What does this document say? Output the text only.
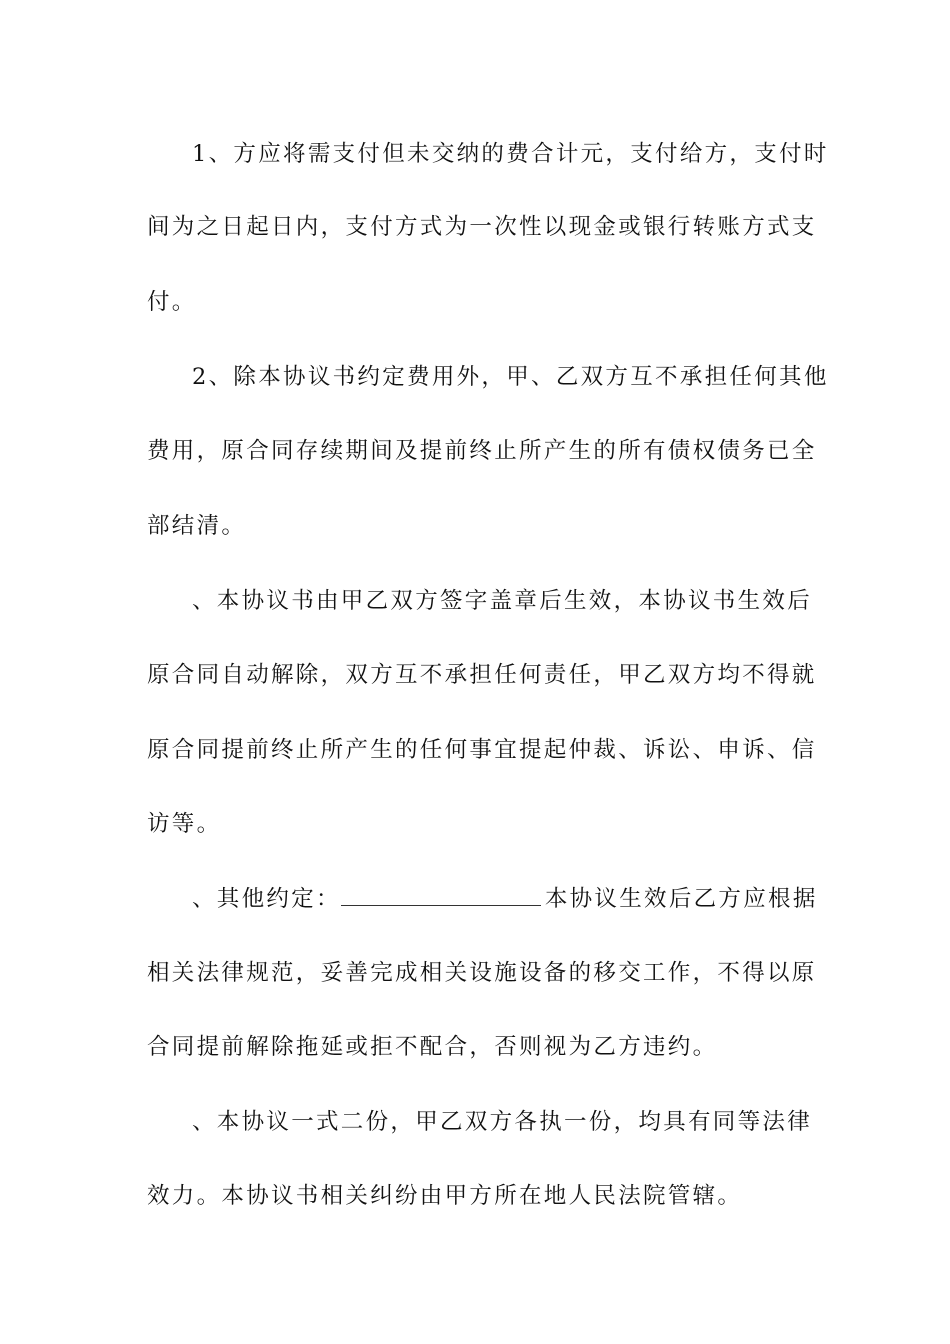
1、方应将需支付但未交纳的费合计元，支付给方，支付时
间为之日起日内，支付方式为一次性以现金或银行转账方式支
付。
2、除本协议书约定费用外，甲、乙双方互不承担任何其他
费用，原合同存续期间及提前终止所产生的所有债权债务已全
部结清。
、本协议书由甲乙双方签字盖章后生效，本协议书生效后
原合同自动解除，双方互不承担任何责任，甲乙双方均不得就
原合同提前终止所产生的任何事宜提起仲裁、诉讼、申诉、信
访等。
、其他约定：	本协议生效后乙方应根据
相关法律规范，妥善完成相关设施设备的移交工作，不得以原
合同提前解除拖延或拒不配合，否则视为乙方违约。
、本协议一式二份，甲乙双方各执一份，均具有同等法律
效力。本协议书相关纠纷由甲方所在地人民法院管辖。
